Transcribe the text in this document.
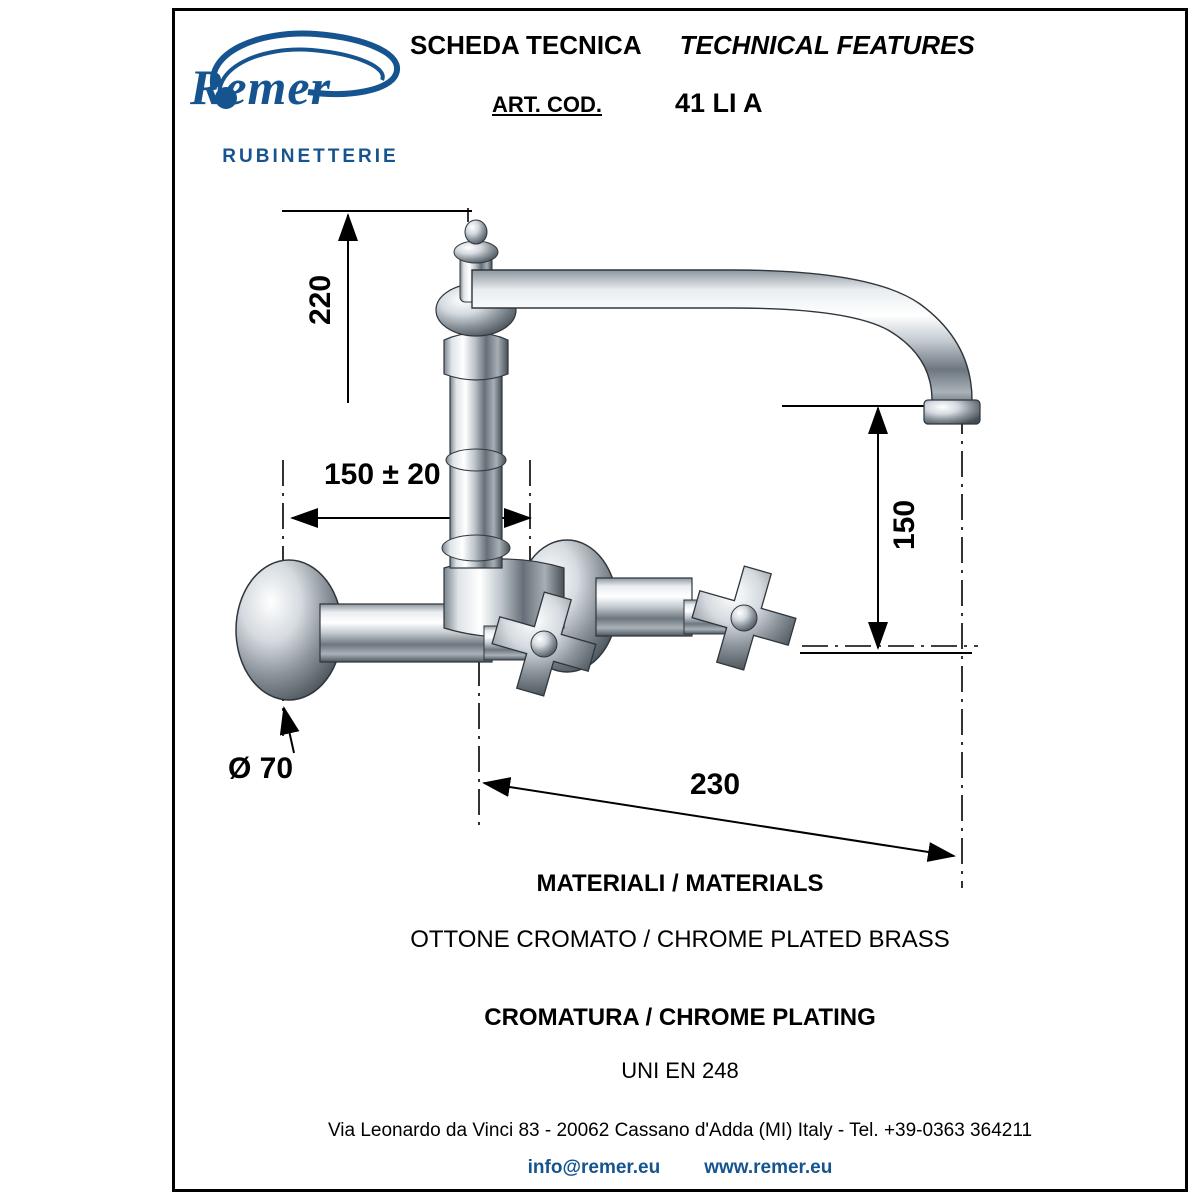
Remer
RUBINETTERIE
SCHEDA TECNICA TECHNICAL FEATURES
ART. COD.	41 LI A
220
150 ± 20
150
230
Ø 70
MATERIALI / MATERIALS
OTTONE CROMATO / CHROME PLATED BRASS
CROMATURA / CHROME PLATING
UNI EN 248
Via Leonardo da Vinci 83 - 20062 Cassano d'Adda (MI) Italy - Tel. +39-0363 364211
info@remer.eu www.remer.eu
